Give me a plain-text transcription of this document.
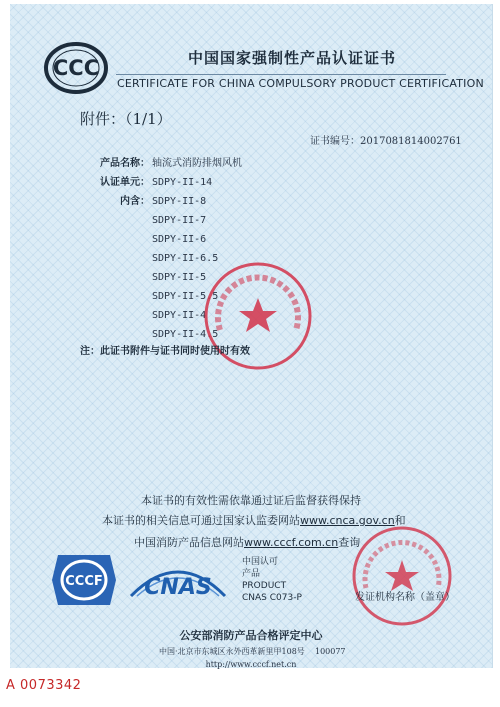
CCC	中国国家强制性产品认证证书
CERTIFICATE FOR CHINA COMPULSORY PRODUCT CERTIFICATION
附件：（1/1）
证书编号：2017081814002761
产品名称： 轴流式消防排烟风机
认证单元： SDPY-II-14
内含： SDPY-II-8
SDPY-II-7
SDPY-II-6
SDPY-II-6.5
SDPY-II-5
SDPY-II-5.5
SDPY-II-4
SDPY-II-4.5
注：此证书附件与证书同时使用时有效
本证书的有效性需依靠通过证后监督获得保持
本证书的相关信息可通过国家认监委网站www.cnca.gov.cn和
中国消防产品信息网站www.cccf.com.cn查询
CCCF CNAS
中国认可
产品
PRODUCT
CNAS C073-P	发证机构名称（盖章）
公安部消防产品合格评定中心
中国·北京市东城区永外西革新里甲108号 100077
http://www.cccf.net.cn
A 0073342
